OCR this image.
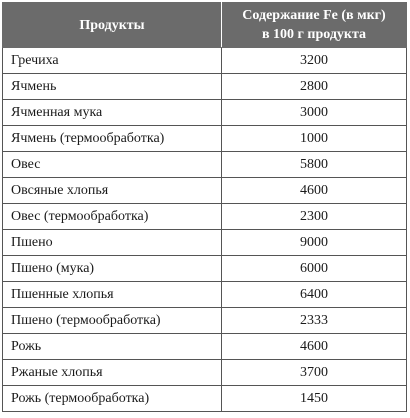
Продукты	Содержание Fe (в мкг)
в 100 г продукта
Гречиха	3200
Ячмень	2800
Ячменная мука	3000
Ячмень (термообработка)	1000
Овес	5800
Овсяные хлопья	4600
Овес (термообработка)	2300
Пшено	9000
Пшено (мука)	6000
Пшенные хлопья	6400
Пшено (термообработка)	2333
Рожь	4600
Ржаные хлопья	3700
Рожь (термообработка)	1450
